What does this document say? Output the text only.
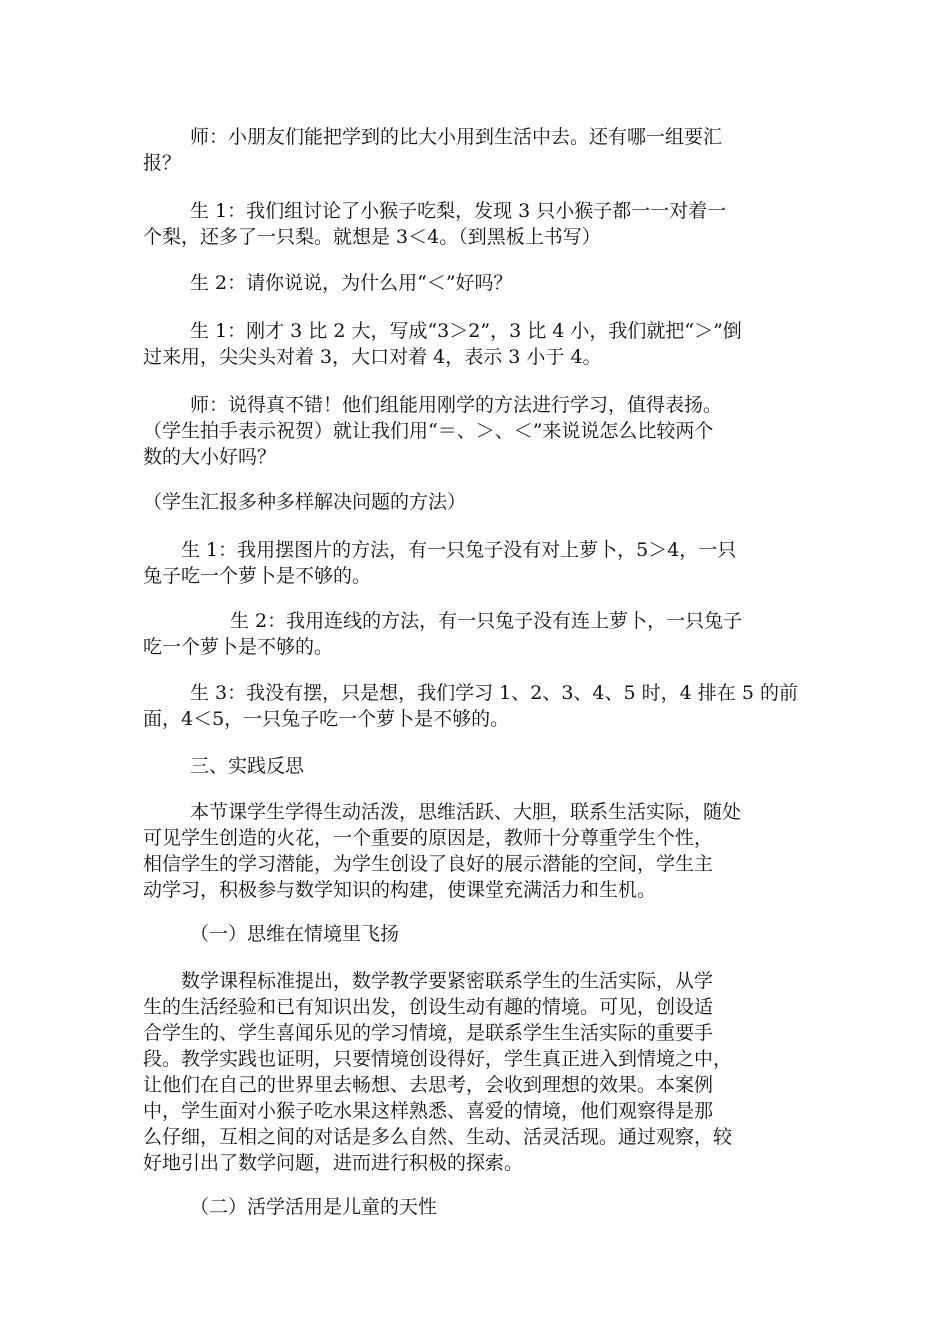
师：小朋友们能把学到的比大小用到生活中去。还有哪一组要汇

报？

生 1：我们组讨论了小猴子吃梨，发现 3 只小猴子都一一对着一

个梨，还多了一只梨。就想是 3＜4。（到黑板上书写）

生 2：请你说说，为什么用“＜”好吗？

生 1：刚才 3 比 2 大，写成“3＞2”，3 比 4 小，我们就把“＞”倒

过来用，尖尖头对着 3，大口对着 4，表示 3 小于 4。

师：说得真不错！他们组能用刚学的方法进行学习，值得表扬。

（学生拍手表示祝贺）就让我们用“＝、＞、＜”来说说怎么比较两个

数的大小好吗？

（学生汇报多种多样解决问题的方法）

生 1：我用摆图片的方法，有一只兔子没有对上萝卜，5＞4，一只

兔子吃一个萝卜是不够的。

生 2：我用连线的方法，有一只兔子没有连上萝卜，一只兔子

吃一个萝卜是不够的。

生 3：我没有摆，只是想，我们学习 1、2、3、4、5 时，4 排在 5 的前

面，4＜5，一只兔子吃一个萝卜是不够的。

三、实践反思

本节课学生学得生动活泼，思维活跃、大胆，联系生活实际，随处

可见学生创造的火花，一个重要的原因是，教师十分尊重学生个性，

相信学生的学习潜能，为学生创设了良好的展示潜能的空间，学生主

动学习，积极参与数学知识的构建，使课堂充满活力和生机。

（一）思维在情境里飞扬

数学课程标准提出，数学教学要紧密联系学生的生活实际，从学

生的生活经验和已有知识出发，创设生动有趣的情境。可见，创设适

合学生的、学生喜闻乐见的学习情境，是联系学生生活实际的重要手

段。教学实践也证明，只要情境创设得好，学生真正进入到情境之中，

让他们在自己的世界里去畅想、去思考，会收到理想的效果。本案例

中，学生面对小猴子吃水果这样熟悉、喜爱的情境，他们观察得是那

么仔细，互相之间的对话是多么自然、生动、活灵活现。通过观察，较

好地引出了数学问题，进而进行积极的探索。

（二）活学活用是儿童的天性
